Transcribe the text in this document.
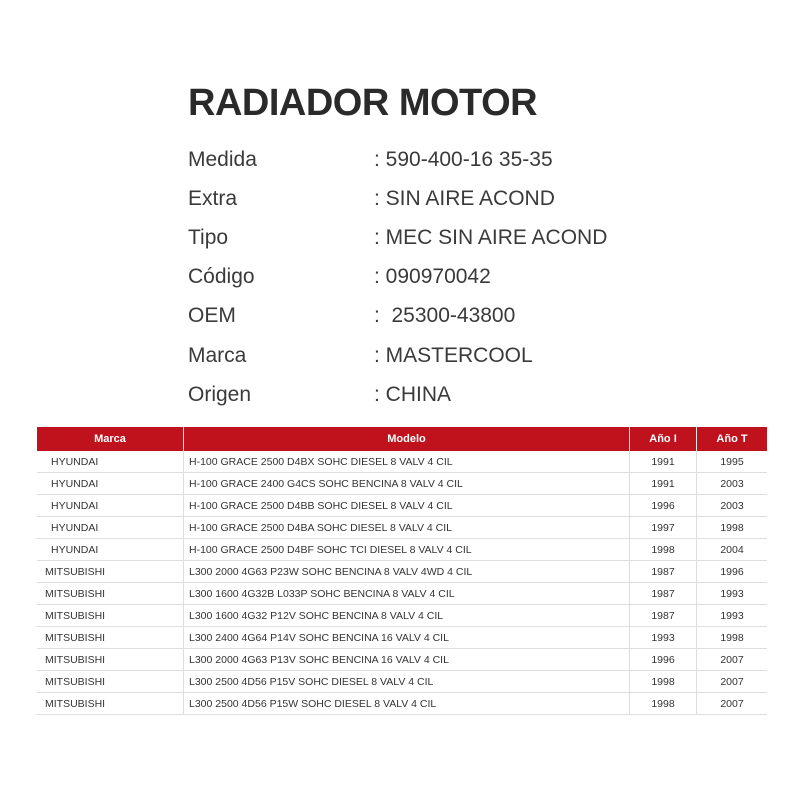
RADIADOR MOTOR
Medida	: 590-400-16 35-35
Extra	: SIN AIRE ACOND
Tipo	: MEC SIN AIRE ACOND
Código	: 090970042
OEM	:  25300-43800
Marca	: MASTERCOOL
Origen	: CHINA
Marca	Modelo	Año I	Año T
HYUNDAI	H-100 GRACE 2500 D4BX SOHC DIESEL 8 VALV 4 CIL	1991	1995
HYUNDAI	H-100 GRACE 2400 G4CS SOHC BENCINA 8 VALV 4 CIL	1991	2003
HYUNDAI	H-100 GRACE 2500 D4BB SOHC DIESEL 8 VALV 4 CIL	1996	2003
HYUNDAI	H-100 GRACE 2500 D4BA SOHC DIESEL 8 VALV 4 CIL	1997	1998
HYUNDAI	H-100 GRACE 2500 D4BF SOHC TCI DIESEL 8 VALV 4 CIL	1998	2004
MITSUBISHI	L300 2000 4G63 P23W SOHC BENCINA 8 VALV 4WD 4 CIL	1987	1996
MITSUBISHI	L300 1600 4G32B L033P SOHC BENCINA 8 VALV 4 CIL	1987	1993
MITSUBISHI	L300 1600 4G32 P12V SOHC BENCINA 8 VALV 4 CIL	1987	1993
MITSUBISHI	L300 2400 4G64 P14V SOHC BENCINA 16 VALV 4 CIL	1993	1998
MITSUBISHI	L300 2000 4G63 P13V SOHC BENCINA 16 VALV 4 CIL	1996	2007
MITSUBISHI	L300 2500 4D56 P15V SOHC DIESEL 8 VALV 4 CIL	1998	2007
MITSUBISHI	L300 2500 4D56 P15W SOHC DIESEL 8 VALV 4 CIL	1998	2007
